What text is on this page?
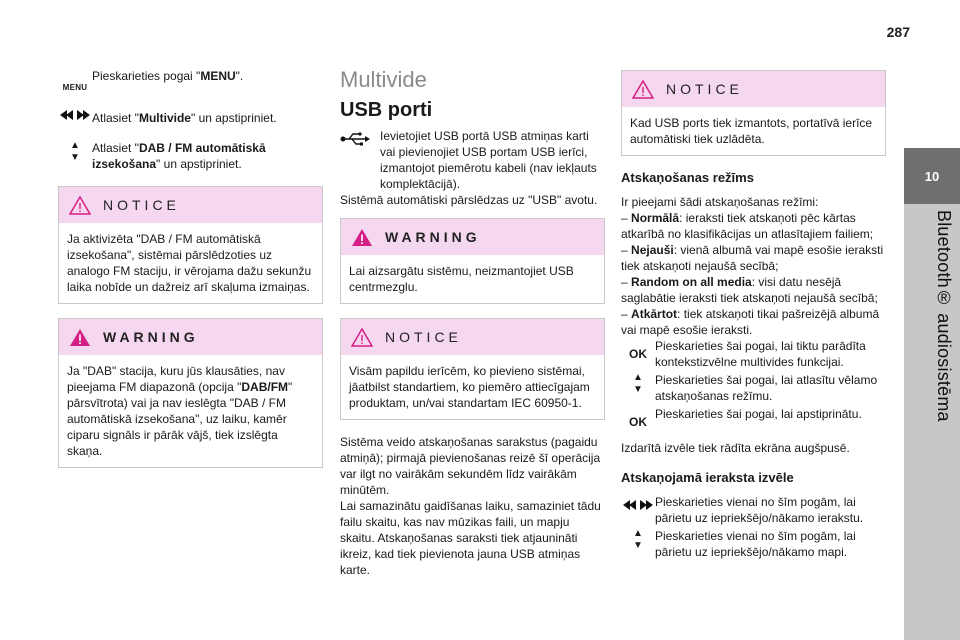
287
10
Bluetooth® audiosistēma
MENU
Pieskarieties pogai "MENU".
Atlasiet "Multivide" un apstipriniet.
▲
▼
Atlasiet "DAB / FM automātiskā izsekošana" un apstipriniet.
NOTICE
Ja aktivizēta "DAB / FM automātiskā izsekošana", sistēmai pārslēdzoties uz analogo FM staciju, ir vērojama dažu sekunžu laika nobīde un dažreiz arī skaļuma izmaiņas.
WARNING
Ja "DAB" stacija, kuru jūs klausāties, nav pieejama FM diapazonā (opcija "DAB/FM" pārsvītrota) vai ja nav ieslēgta "DAB / FM automātiskā izsekošana", uz laiku, kamēr ciparu signāls ir pārāk vājš, tiek izslēgta skaņa.
Multivide
USB porti
Ievietojiet USB portā USB atmiņas karti vai pievienojiet USB portam USB ierīci, izmantojot piemērotu kabeli (nav iekļauts komplektācijā).

Sistēmā automātiski pārslēdzas uz "USB" avotu.

WARNING
Lai aizsargātu sistēmu, neizmantojiet USB centrmezglu.
NOTICE
Visām papildu ierīcēm, ko pievieno sistēmai, jāatbilst standartiem, ko piemēro attiecīgajam produktam, un/vai standartam IEC 60950-1.

Sistēma veido atskaņošanas sarakstus (pagaidu atmiņā); pirmajā pievienošanas reizē šī operācija var ilgt no vairākām sekundēm līdz vairākām minūtēm.

Lai samazinātu gaidīšanas laiku, samaziniet tādu failu skaitu, kas nav mūzikas faili, un mapju skaitu. Atskaņošanas saraksti tiek atjaunināti ikreiz, kad tiek pievienota jauna USB atmiņas karte.

NOTICE
Kad USB ports tiek izmantots, portatīvā ierīce automātiski tiek uzlādēta.
Atskaņošanas režīms
Ir pieejami šādi atskaņošanas režīmi:
– Normālā: ieraksti tiek atskaņoti pēc kārtas atkarībā no klasifikācijas un atlasītajiem failiem;
– Nejauši: vienā albumā vai mapē esošie ieraksti tiek atskaņoti nejaušā secībā;
– Random on all media: visi datu nesējā saglabātie ieraksti tiek atskaņoti nejaušā secībā;
– Atkārtot: tiek atskaņoti tikai pašreizējā albumā vai mapē esošie ieraksti.
OK
Pieskarieties šai pogai, lai tiktu parādīta kontekstizvēlne multivides funkcijai.
▲
▼
Pieskarieties šai pogai, lai atlasītu vēlamo atskaņošanas režīmu.
OK
Pieskarieties šai pogai, lai apstiprinātu.

Izdarītā izvēle tiek rādīta ekrāna augšpusē.

Atskaņojamā ieraksta izvēle
Pieskarieties vienai no šīm pogām, lai pārietu uz iepriekšējo/nākamo ierakstu.
▲
▼
Pieskarieties vienai no šīm pogām, lai pārietu uz iepriekšējo/nākamo mapi.
